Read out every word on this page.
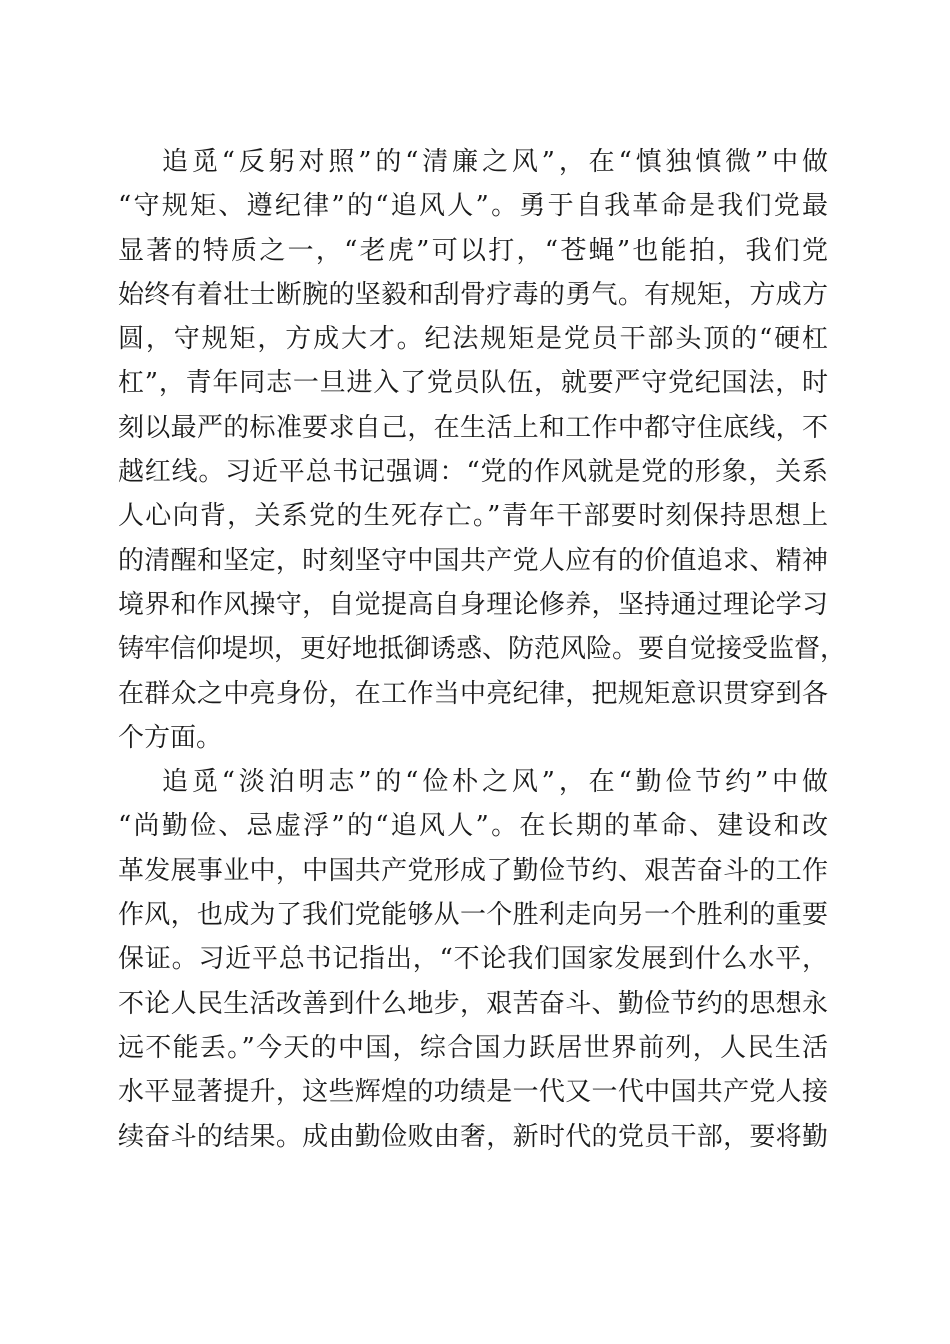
追觅“反躬对照”的“清廉之风”，在“慎独慎微”中做
“守规矩、遵纪律”的“追风人”。勇于自我革命是我们党最
显著的特质之一，“老虎”可以打，“苍蝇”也能拍，我们党
始终有着壮士断腕的坚毅和刮骨疗毒的勇气。有规矩，方成方
圆，守规矩，方成大才。纪法规矩是党员干部头顶的“硬杠
杠”，青年同志一旦进入了党员队伍，就要严守党纪国法，时
刻以最严的标准要求自己，在生活上和工作中都守住底线，不
越红线。习近平总书记强调：“党的作风就是党的形象，关系
人心向背，关系党的生死存亡。”青年干部要时刻保持思想上
的清醒和坚定，时刻坚守中国共产党人应有的价值追求、精神
境界和作风操守，自觉提高自身理论修养，坚持通过理论学习
铸牢信仰堤坝，更好地抵御诱惑、防范风险。要自觉接受监督，
在群众之中亮身份，在工作当中亮纪律，把规矩意识贯穿到各
个方面。
追觅“淡泊明志”的“俭朴之风”，在“勤俭节约”中做
“尚勤俭、忌虚浮”的“追风人”。在长期的革命、建设和改
革发展事业中，中国共产党形成了勤俭节约、艰苦奋斗的工作
作风，也成为了我们党能够从一个胜利走向另一个胜利的重要
保证。习近平总书记指出，“不论我们国家发展到什么水平，
不论人民生活改善到什么地步，艰苦奋斗、勤俭节约的思想永
远不能丢。”今天的中国，综合国力跃居世界前列，人民生活
水平显著提升，这些辉煌的功绩是一代又一代中国共产党人接
续奋斗的结果。成由勤俭败由奢，新时代的党员干部，要将勤
